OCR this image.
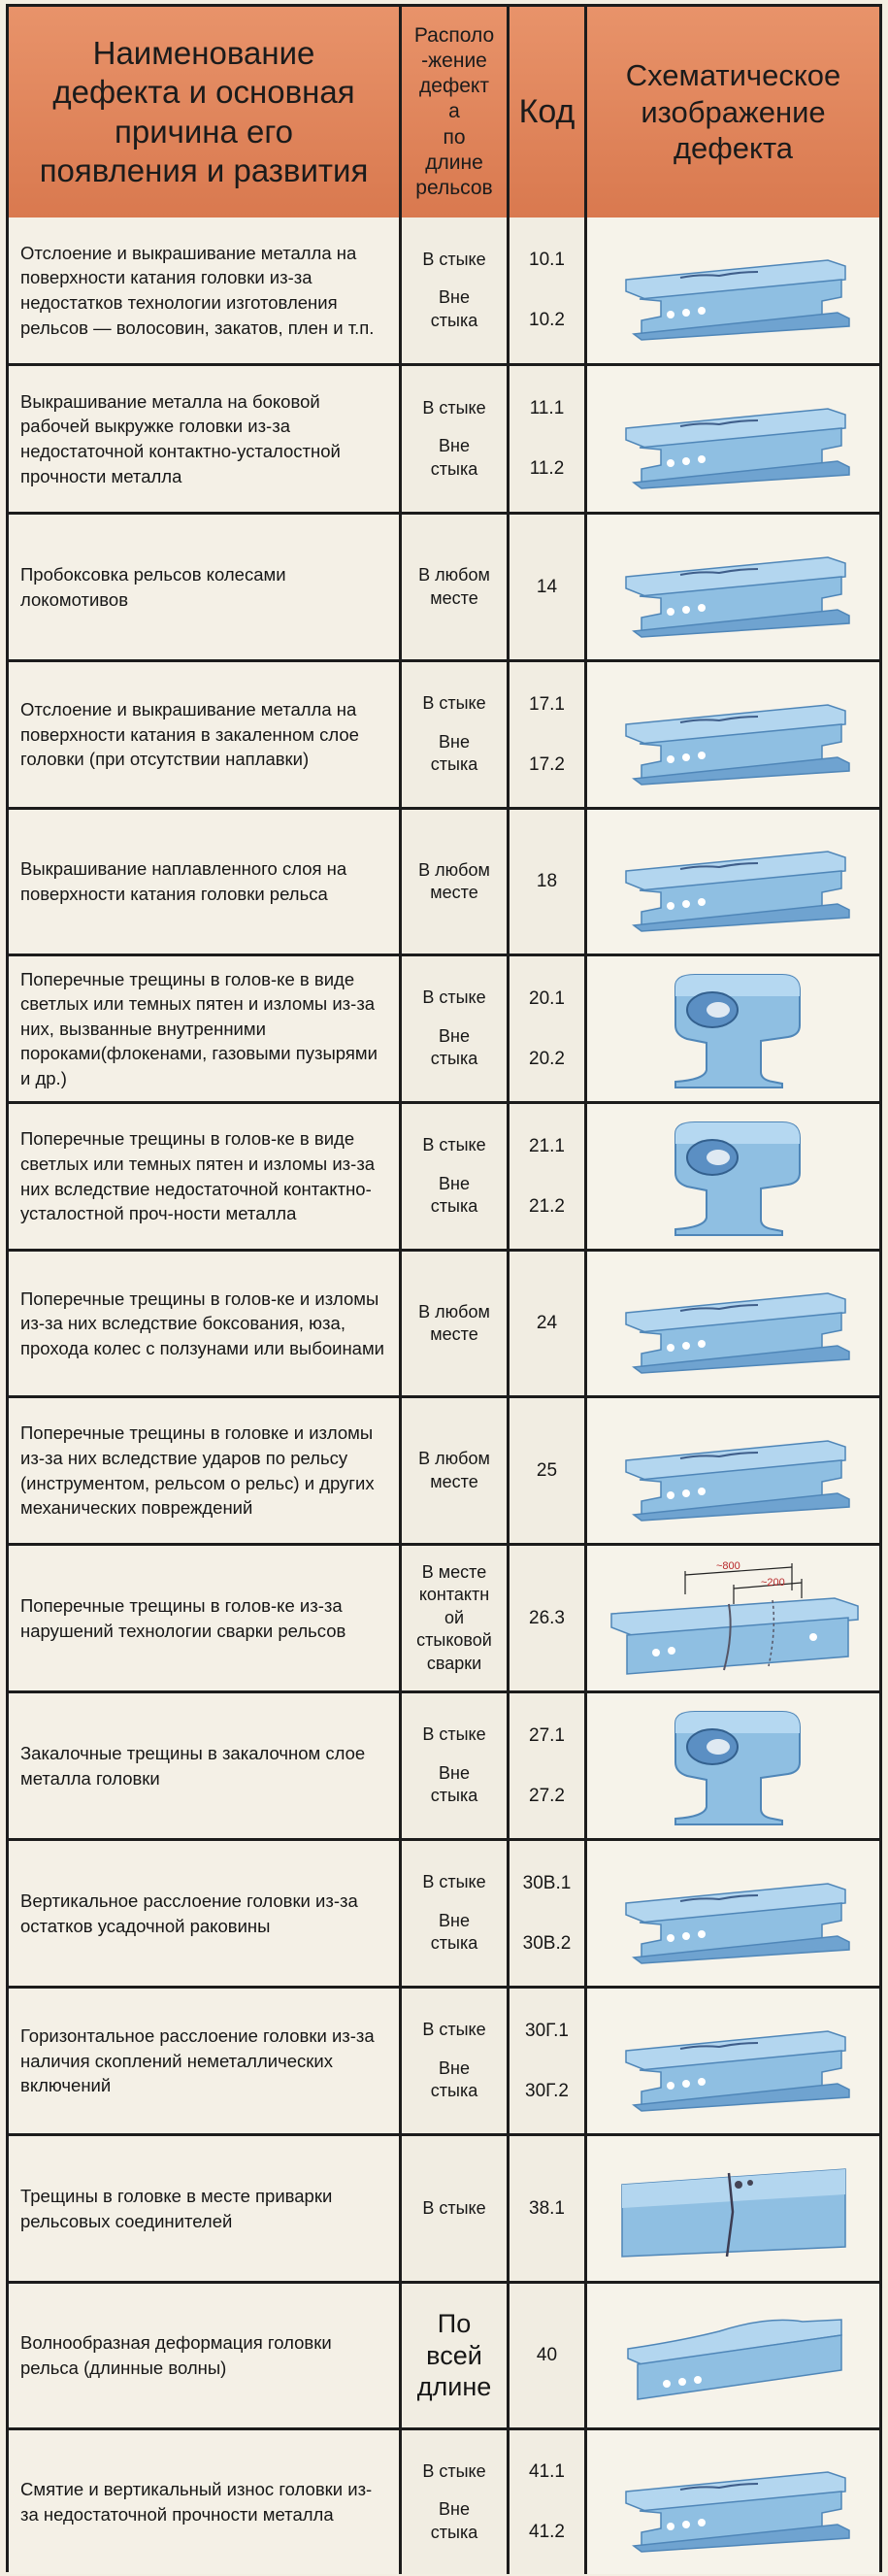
Наименование
дефекта и основная
причина его
появления и развития
Располо
-жение
дефект
а
по
длине
рельсов
Код
Схематическое
изображение
дефекта
Отслоение и выкрашивание металла на поверхности катания головки из-за недостатков технологии изготовления рельсов — волосовин, закатов, плен и т.п.
В стыке
Вне
стыка
10.1
10.2
Выкрашивание металла на боковой рабочей выкружке головки из-за недостаточной контактно-усталостной прочности металла
В стыке
Вне
стыка
11.1
11.2
Пробоксовка рельсов колесами локомотивов
В любом
месте
14
Отслоение и выкрашивание металла на поверхности катания в закаленном слое головки (при отсутствии наплавки)
В стыке
Вне
стыка
17.1
17.2
Выкрашивание наплавленного слоя на поверхности катания головки рельса
В любом
месте
18
Поперечные трещины в голов-ке в виде светлых или темных пятен и изломы из-за них, вызванные внутренними пороками(флокенами, газовыми пузырями и др.)
В стыке
Вне
стыка
20.1
20.2
Поперечные трещины в голов-ке в виде светлых или темных пятен и изломы из-за них вследствие недостаточной контактно-усталостной проч-ности металла
В стыке
Вне
стыка
21.1
21.2
Поперечные трещины в голов-ке и изломы из-за них вследствие боксования, юза, прохода колес с ползунами или выбоинами
В любом
месте
24
Поперечные трещины в головке и изломы из-за них вследствие ударов по рельсу (инструментом, рельсом о рельс) и других механических повреждений
В любом
месте
25
Поперечные трещины в голов-ке из-за нарушений технологии сварки рельсов
В месте
контактн
ой
стыковой
сварки
26.3
~800
~200
Закалочные трещины в закалочном слое металла головки
В стыке
Вне
стыка
27.1
27.2
Вертикальное расслоение головки из-за остатков усадочной раковины
В стыке
Вне
стыка
30В.1
30В.2
Горизонтальное расслоение головки из-за наличия скоплений неметаллических включений
В стыке
Вне
стыка
30Г.1
30Г.2
Трещины в головке в месте приварки рельсовых соединителей
В стыке 38.1
Волнообразная деформация головки рельса (длинные волны)
По
всей
длине
40
Смятие и вертикальный износ головки из-за недостаточной прочности металла
В стыке
Вне
стыка
41.1
41.2
